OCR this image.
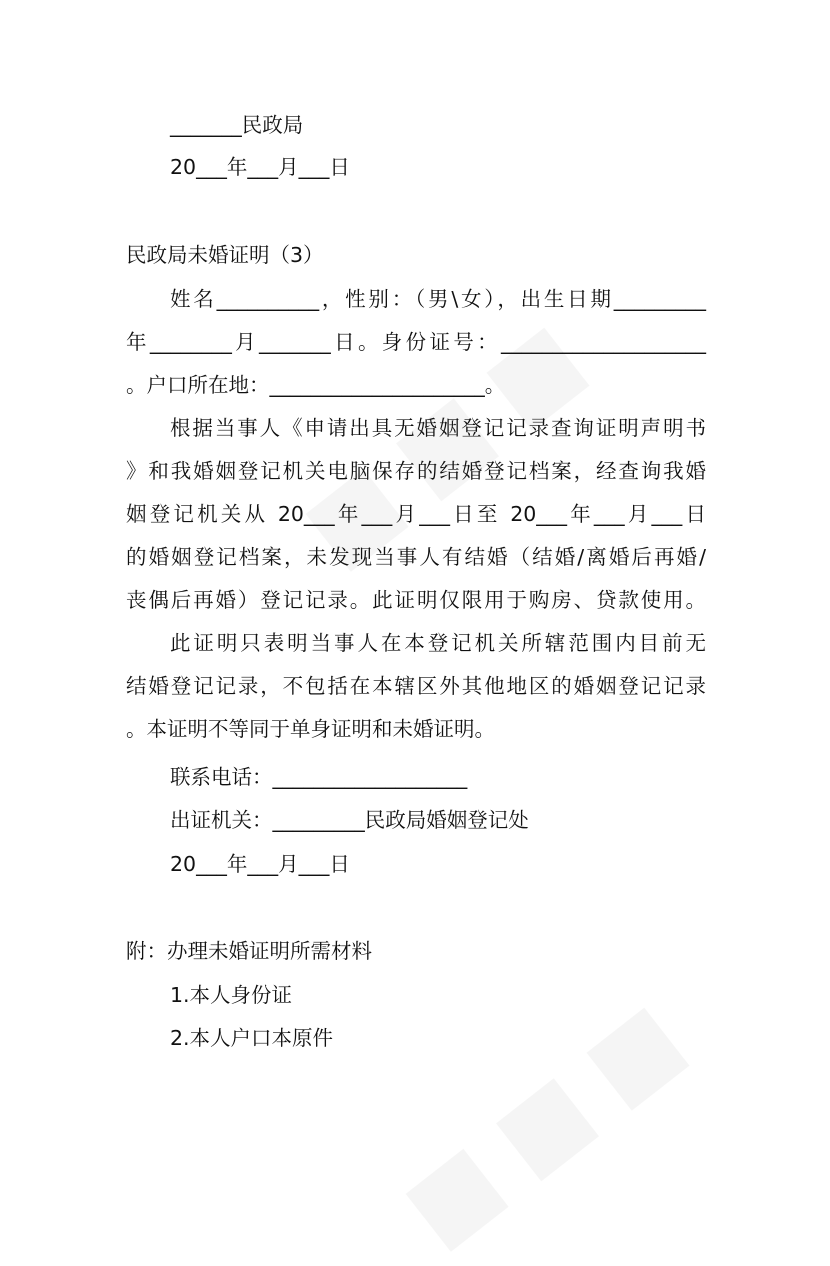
_______民政局
20___年___月___日
民政局未婚证明（3）
姓名__________，性别：（男\女），出生日期_________
年________月_______日。身份证号：____________________
。户口所在地：_____________________。
根据当事人《申请出具无婚姻登记记录查询证明声明书
》和我婚姻登记机关电脑保存的结婚登记档案，经查询我婚
姻登记机关从 20___年___月___日至 20___年___月___日
的婚姻登记档案，未发现当事人有结婚（结婚/离婚后再婚/
丧偶后再婚）登记记录。此证明仅限用于购房、贷款使用。
此证明只表明当事人在本登记机关所辖范围内目前无
结婚登记记录，不包括在本辖区外其他地区的婚姻登记记录
。本证明不等同于单身证明和未婚证明。
联系电话：___________________
出证机关：_________民政局婚姻登记处
20___年___月___日
附：办理未婚证明所需材料
1.本人身份证
2.本人户口本原件
